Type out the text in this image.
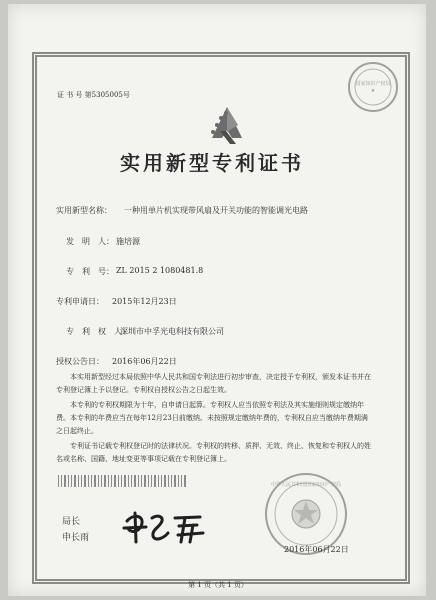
证 书 号 第5305005号
国家知识产权局
★
实用新型专利证书
实用新型名称： 一种用单片机实现带风扇及开关功能的智能调光电路
发　明　人： 施培源
专　利　号： ZL 2015 2 1080481.8
专利申请日： 2015年12月23日
专　利　权　人：
深圳市中孚光电科技有限公司
授权公告日： 2016年06月22日

本实用新型经过本局依照中华人民共和国专利法进行初步审查，决定授予专利权，颁发本证书并在专利登记簿上予以登记。专利权自授权公告之日起生效。

本专利的专利权期限为十年，自申请日起算。专利权人应当依照专利法及其实施细则规定缴纳年费。本专利的年费应当在每年12月23日前缴纳。未按照规定缴纳年费的，专利权自应当缴纳年费期满之日起终止。

专利证书记载专利权登记时的法律状况。专利权的转移、质押、无效、终止、恢复和专利权人的姓名或名称、国籍、地址变更等事项记载在专利登记簿上。

局长
申长雨
中华人民共和国国家知识产权局
2016年06月22日
第 1 页（共 1 页）
